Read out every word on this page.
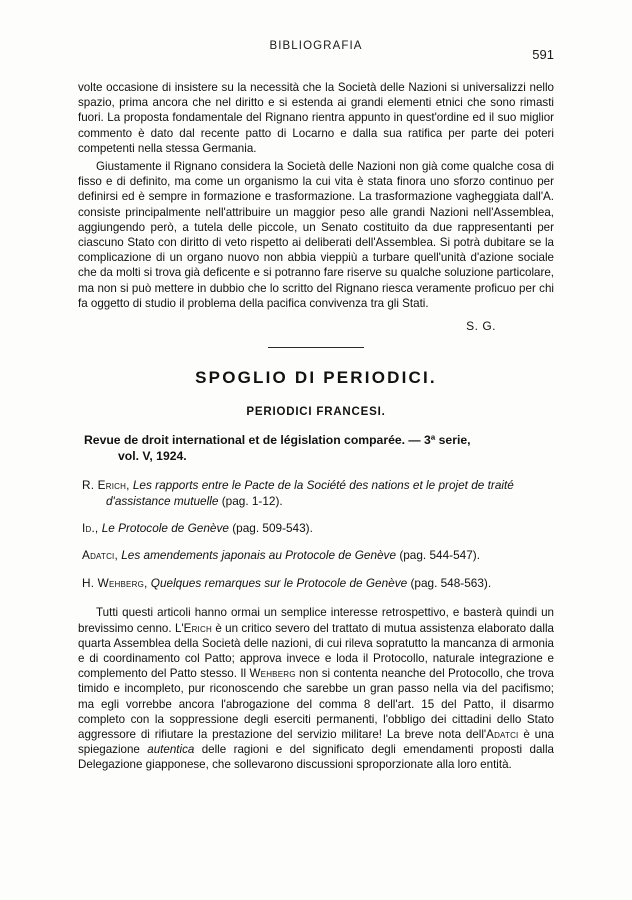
BIBLIOGRAFIA
591

volte occasione di insistere su la necessità che la Società delle Nazioni si universalizzi nello spazio, prima ancora che nel diritto e si estenda ai grandi elementi etnici che sono rimasti fuori. La proposta fondamentale del Rignano rientra appunto in quest'ordine ed il suo miglior commento è dato dal recente patto di Locarno e dalla sua ratifica per parte dei poteri competenti nella stessa Germania.

Giustamente il Rignano considera la Società delle Nazioni non già come qualche cosa di fisso e di definito, ma come un organismo la cui vita è stata finora uno sforzo continuo per definirsi ed è sempre in formazione e trasformazione. La trasformazione vagheggiata dall'A. consiste principalmente nell'attribuire un maggior peso alle grandi Nazioni nell'Assemblea, aggiungendo però, a tutela delle piccole, un Senato costituito da due rappresentanti per ciascuno Stato con diritto di veto rispetto ai deliberati dell'Assemblea. Si potrà dubitare se la complicazione di un organo nuovo non abbia vieppiù a turbare quell'unità d'azione sociale che da molti si trova già deficente e si potranno fare riserve su qualche soluzione particolare, ma non si può mettere in dubbio che lo scritto del Rignano riesca veramente proficuo per chi fa oggetto di studio il problema della pacifica convivenza tra gli Stati.

S. G.
SPOGLIO DI PERIODICI.
PERIODICI FRANCESI.

Revue de droit international et de législation comparée. — 3ª serie,
vol. V, 1924.

R. Erich, Les rapports entre le Pacte de la Société des nations et le projet de traité d'assistance mutuelle (pag. 1-12).

Id., Le Protocole de Genève (pag. 509-543).

Adatci, Les amendements japonais au Protocole de Genève (pag. 544-547).

H. Wehberg, Quelques remarques sur le Protocole de Genève (pag. 548-563).

Tutti questi articoli hanno ormai un semplice interesse retrospettivo, e basterà quindi un brevissimo cenno. L'Erich è un critico severo del trattato di mutua assistenza elaborato dalla quarta Assemblea della Società delle nazioni, di cui rileva sopratutto la mancanza di armonia e di coordinamento col Patto; approva invece e loda il Protocollo, naturale integrazione e complemento del Patto stesso. Il Wehberg non si contenta neanche del Protocollo, che trova timido e incompleto, pur riconoscendo che sarebbe un gran passo nella via del pacifismo; ma egli vorrebbe ancora l'abrogazione del comma 8 dell'art. 15 del Patto, il disarmo completo con la soppressione degli eserciti permanenti, l'obbligo dei cittadini dello Stato aggressore di rifiutare la prestazione del servizio militare! La breve nota dell'Adatci è una spiegazione autentica delle ragioni e del significato degli emendamenti proposti dalla Delegazione giapponese, che sollevarono discussioni sproporzionate alla loro entità.
